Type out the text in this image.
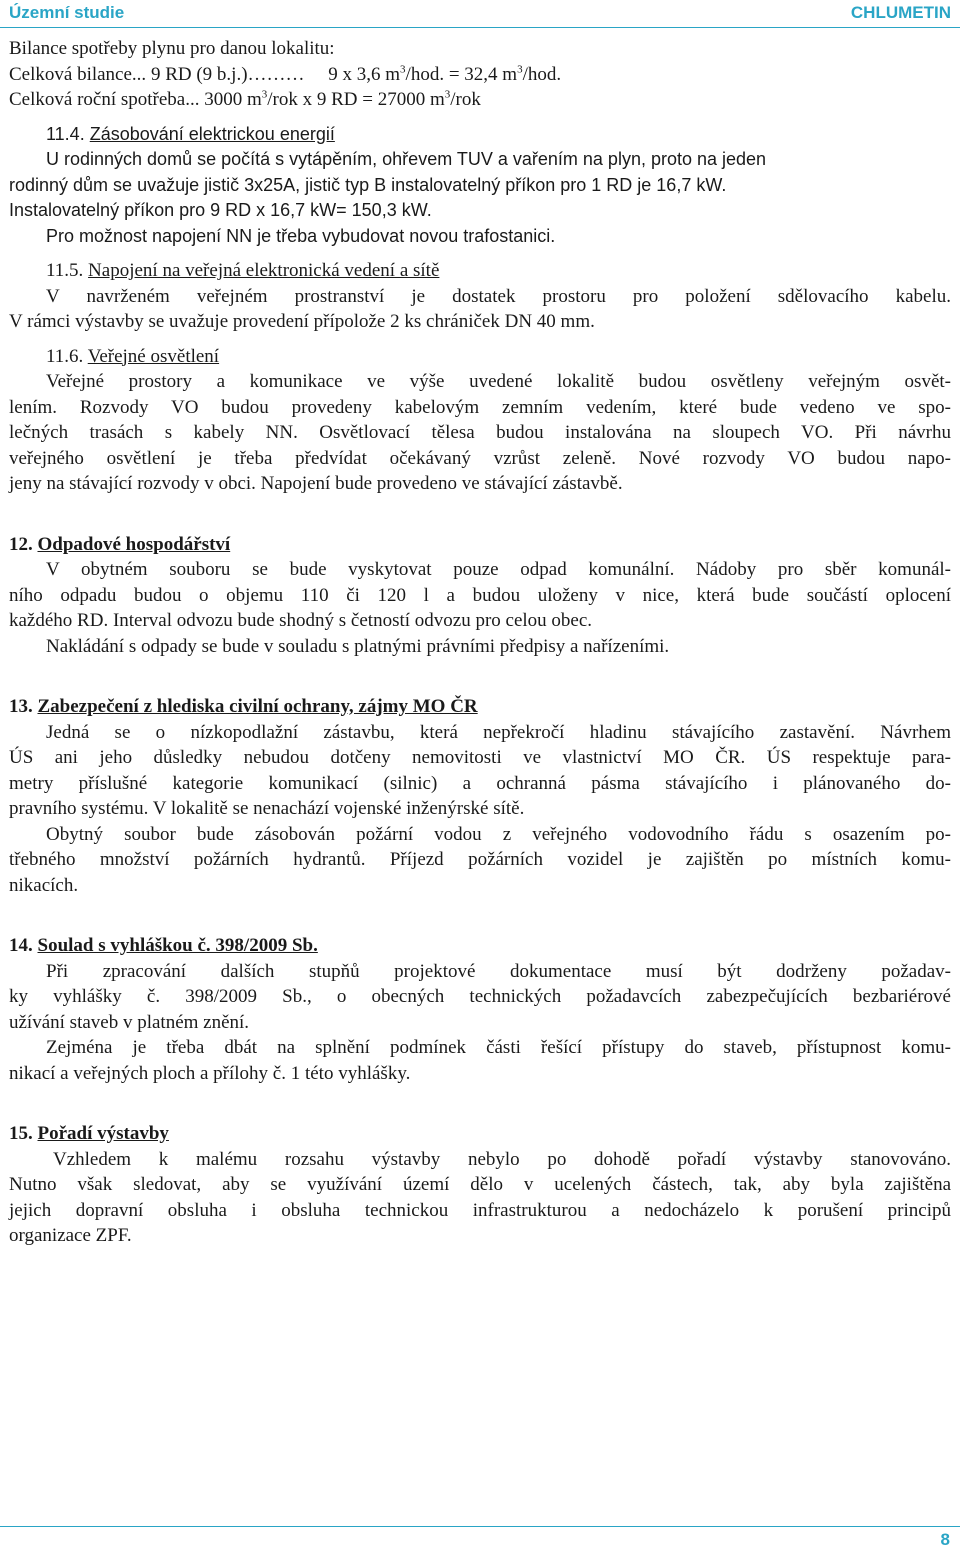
Územní studie	CHLUMETIN
Bilance spotřeby plynu pro danou lokalitu:
Celková bilance... 9 RD (9 b.j.)……… 9 x 3,6 $m^3$/hod. = 32,4 $m^3$/hod.
Celková roční spotřeba... 3000 $m^3$/rok x 9 RD = 27000 $m^3$/rok
11.4. Zásobování elektrickou energií
U rodinných domů se počítá s vytápěním, ohřevem TUV a vařením na plyn, proto na jeden
rodinný dům se uvažuje jistič 3x25A, jistič typ B instalovatelný příkon pro 1 RD je 16,7 kW.
Instalovatelný příkon pro 9 RD x 16,7 kW= 150,3 kW.
Pro možnost napojení NN je třeba vybudovat novou trafostanici.
11.5. Napojení na veřejná elektronická vedení a sítě
V navrženém veřejném prostranství je dostatek prostoru pro položení sdělovacího kabelu.
V rámci výstavby se uvažuje provedení přípolože 2 ks chrániček DN 40 mm.
11.6. Veřejné osvětlení
Veřejné prostory a komunikace ve výše uvedené lokalitě budou osvětleny veřejným osvět-
lením. Rozvody VO budou provedeny kabelovým zemním vedením, které bude vedeno ve spo-
lečných trasách s kabely NN. Osvětlovací tělesa budou instalována na sloupech VO. Při návrhu
veřejného osvětlení je třeba předvídat očekávaný vzrůst zeleně. Nové rozvody VO budou napo-
jeny na stávající rozvody v obci. Napojení bude provedeno ve stávající zástavbě.
12. Odpadové hospodářství
V obytném souboru se bude vyskytovat pouze odpad komunální. Nádoby pro sběr komunál-
ního odpadu budou o objemu 110 či 120 l a budou uloženy v nice, která bude součástí oplocení
každého RD. Interval odvozu bude shodný s četností odvozu pro celou obec.
Nakládání s odpady se bude v souladu s platnými právními předpisy a nařízeními.
13. Zabezpečení z hlediska civilní ochrany, zájmy MO ČR
Jedná se o nízkopodlažní zástavbu, která nepřekročí hladinu stávajícího zastavění. Návrhem
ÚS ani jeho důsledky nebudou dotčeny nemovitosti ve vlastnictví MO ČR. ÚS respektuje para-
metry příslušné kategorie komunikací (silnic) a ochranná pásma stávajícího i plánovaného do-
pravního systému. V lokalitě se nenachází vojenské inženýrské sítě.
Obytný soubor bude zásobován požární vodou z veřejného vodovodního řádu s osazením po-
třebného množství požárních hydrantů. Příjezd požárních vozidel je zajištěn po místních komu-
nikacích.
14. Soulad s vyhláškou č. 398/2009 Sb.
Při zpracování dalších stupňů projektové dokumentace musí být dodrženy požadav-
ky vyhlášky č. 398/2009 Sb., o obecných technických požadavcích zabezpečujících bezbariérové
užívání staveb v platném znění.
Zejména je třeba dbát na splnění podmínek části řešící přístupy do staveb, přístupnost komu-
nikací a veřejných ploch a přílohy č. 1 této vyhlášky.
15. Pořadí výstavby
Vzhledem k malému rozsahu výstavby nebylo po dohodě pořadí výstavby stanovováno.
Nutno však sledovat, aby se využívání území dělo v ucelených částech, tak, aby byla zajištěna
jejich dopravní obsluha i obsluha technickou infrastrukturou a nedocházelo k porušení principů
organizace ZPF.
8
